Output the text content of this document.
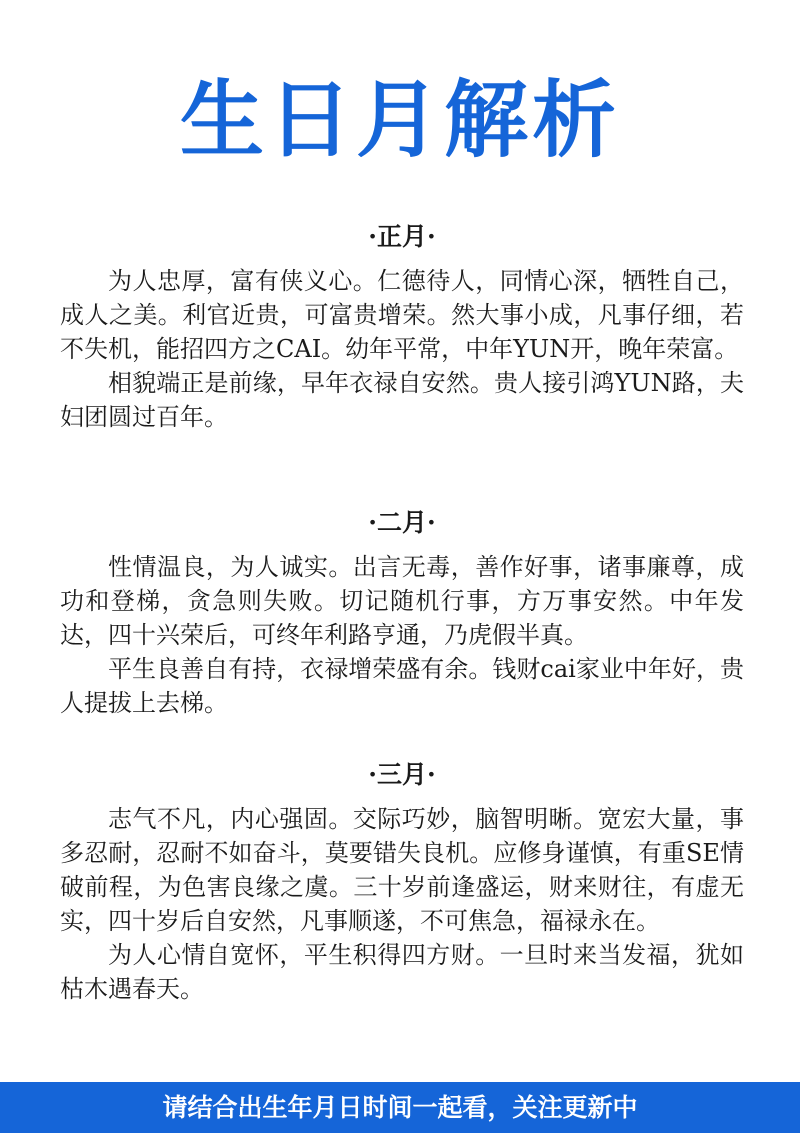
生日月解析
·正月·

为人忠厚，富有侠义心。仁德待人，同情心深，牺牲自己，成人之美。利官近贵，可富贵增荣。然大事小成，凡事仔细，若不失机，能招四方之CAI。幼年平常，中年YUN开，晚年荣富。

相貌端正是前缘，早年衣禄自安然。贵人接引鸿YUN路，夫妇团圆过百年。

·二月·

性情温良，为人诚实。岀言无毒，善作好事，诸事廉尊，成功和登梯，贪急则失败。切记随机行事，方万事安然。中年发达，四十兴荣后，可终年利路亨通，乃虎假半真。

平生良善自有持，衣禄增荣盛有余。钱财cai家业中年好，贵人提拔上去梯。

·三月·

志气不凡，内心强固。交际巧妙，脑智明晰。宽宏大量，事多忍耐，忍耐不如奋斗，莫要错失良机。应修身谨慎，有重SE情破前程，为色害良缘之虞。三十岁前逢盛运，财来财往，有虚无实，四十岁后自安然，凡事顺遂，不可焦急，福禄永在。

为人心情自宽怀，平生积得四方财。一旦时来当发福，犹如枯木遇春天。

请结合出生年月日时间一起看，关注更新中
